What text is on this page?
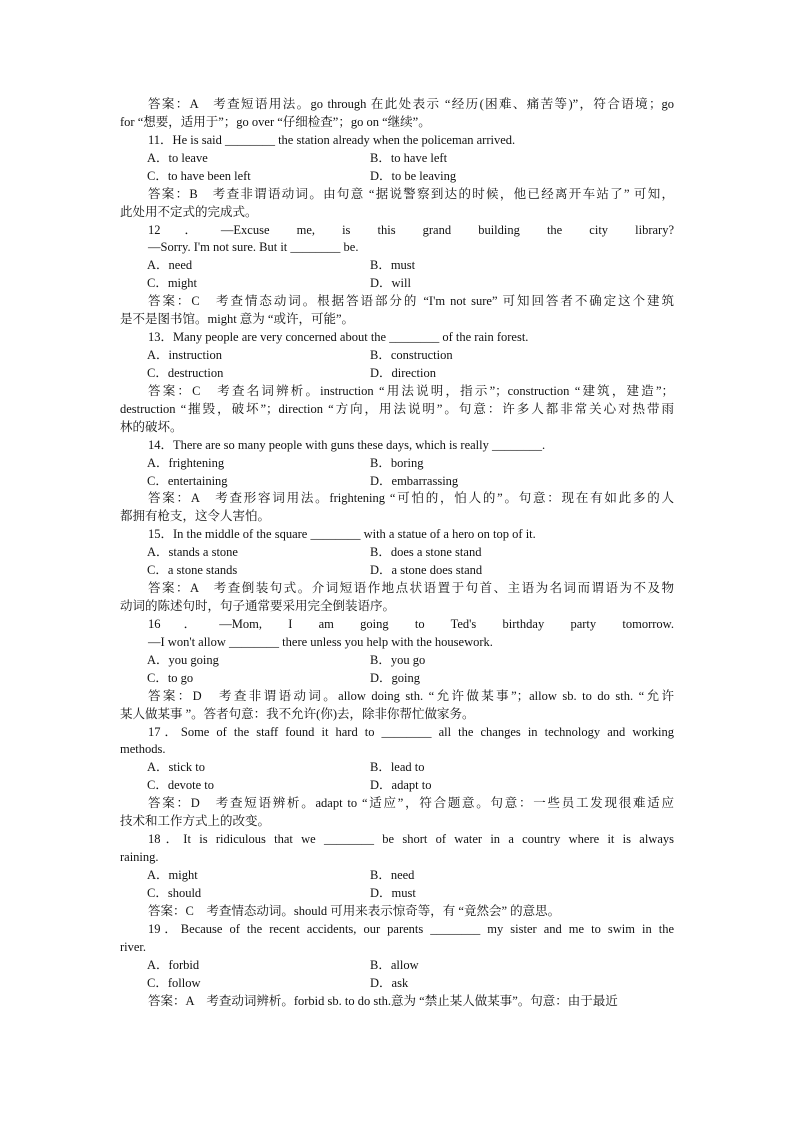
答案：A　考查短语用法。go through 在此处表示 “经历(困难、痛苦等)”，符合语境；go
for “想要，适用于”；go over “仔细检查”；go on “继续”。
11．He is said ________ the station already when the policeman arrived.
A．to leave	B．to have left
C．to have been left	D．to be leaving
答案：B　考查非谓语动词。由句意 “据说警察到达的时候，他已经离开车站了” 可知，
此处用不定式的完成式。
12．—Excuse me, is this grand building the city library?
—Sorry. I'm not sure. But it ________ be.
A．need	B．must
C．might	D．will
答案：C　考查情态动词。根据答语部分的 “I'm not sure” 可知回答者不确定这个建筑
是不是图书馆。might 意为 “或许，可能”。
13．Many people are very concerned about the ________ of the rain forest.
A．instruction	B．construction
C．destruction	D．direction
答案：C　考查名词辨析。instruction “用法说明，指示”；construction “建筑，建造”；
destruction “摧毁，破坏”；direction “方向，用法说明”。句意：许多人都非常关心对热带雨
林的破坏。
14．There are so many people with guns these days, which is really ________.
A．frightening	B．boring
C．entertaining	D．embarrassing
答案：A　考查形容词用法。frightening “可怕的，怕人的”。句意：现在有如此多的人
都拥有枪支，这令人害怕。
15．In the middle of the square ________ with a statue of a hero on top of it.
A．stands a stone	B．does a stone stand
C．a stone stands	D．a stone does stand
答案：A　考查倒装句式。介词短语作地点状语置于句首、主语为名词而谓语为不及物
动词的陈述句时，句子通常要采用完全倒装语序。
16．—Mom, I am going to Ted's birthday party tomorrow.
—I won't allow ________ there unless you help with the housework.
A．you going	B．you go
C．to go	D．going
答案：D　考查非谓语动词。allow doing sth. “允许做某事”；allow sb. to do sth. “允许
某人做某事 ”。答者句意：我不允许(你)去，除非你帮忙做家务。
17．Some of the staff found it hard to ________ all the changes in technology and working
methods.
A．stick to	B．lead to
C．devote to	D．adapt to
答案：D　考查短语辨析。adapt to “适应”，符合题意。句意：一些员工发现很难适应
技术和工作方式上的改变。
18．It is ridiculous that we ________ be short of water in a country where it is always
raining.
A．might	B．need
C．should	D．must
答案：C　考查情态动词。should 可用来表示惊奇等，有 “竟然会” 的意思。
19．Because of the recent accidents, our parents ________ my sister and me to swim in the
river.
A．forbid	B．allow
C．follow	D．ask
答案：A　考查动词辨析。forbid sb. to do sth.意为 “禁止某人做某事”。句意：由于最近
